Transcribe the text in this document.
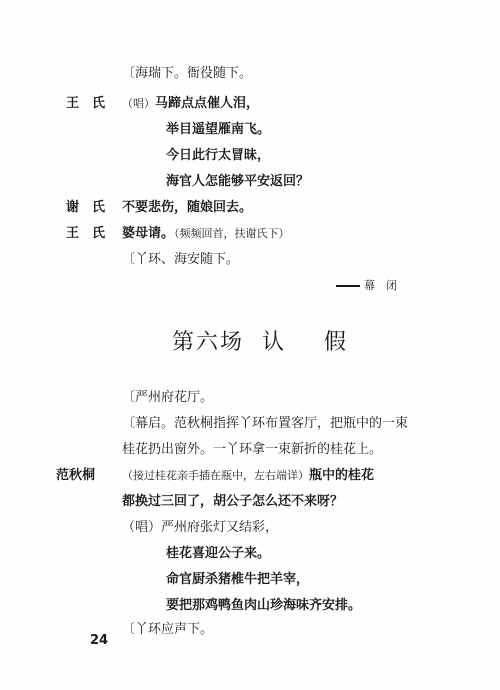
〔海瑞下。衙役随下。
王　氏 （唱）马蹄点点催人泪，
举目遥望雁南飞。
今日此行太冒昧，
海官人怎能够平安返回？
谢　氏 不要悲伤，随娘回去。
王　氏 婆母请。（频频回首，扶谢氏下）
〔丫环、海安随下。
幕　闭
第六场 认 假
〔严州府花厅。
〔幕启。范秋桐指挥丫环布置客厅，把瓶中的一束
桂花扔出窗外。一丫环拿一束新折的桂花上。
范秋桐 （接过桂花亲手插在瓶中，左右端详）瓶中的桂花
都换过三回了，胡公子怎么还不来呀？
（唱）严州府张灯又结彩，
桂花喜迎公子来。
命官厨杀猪椎牛把羊宰，
要把那鸡鸭鱼肉山珍海味齐安排。
〔丫环应声下。
24
